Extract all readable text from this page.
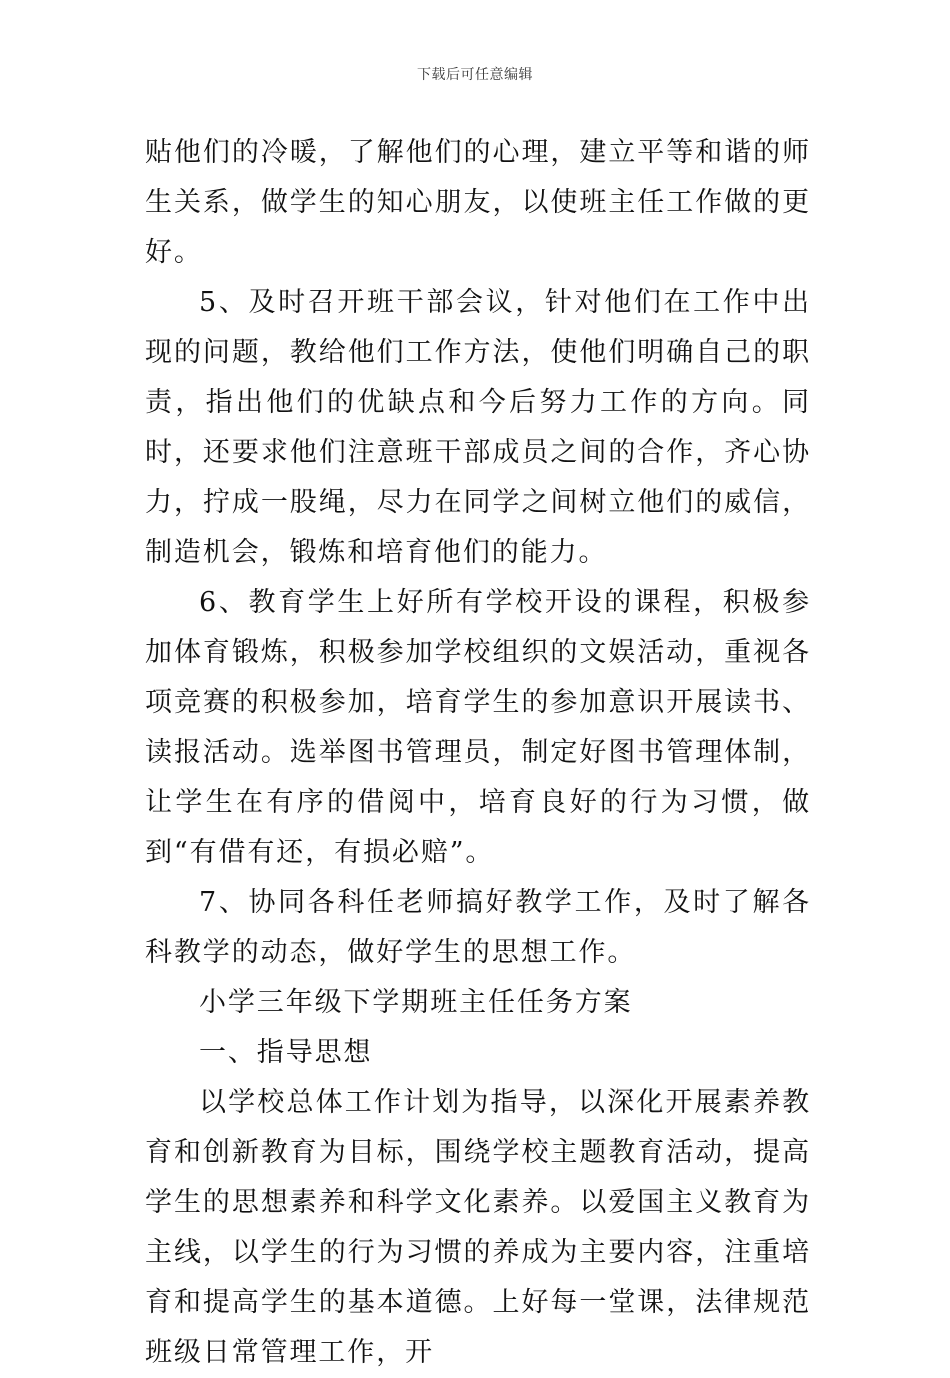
下载后可任意编辑

贴他们的冷暖，了解他们的心理，建立平等和谐的师生关系，做学生的知心朋友，以使班主任工作做的更好。

5、及时召开班干部会议，针对他们在工作中出现的问题，教给他们工作方法，使他们明确自己的职责，指出他们的优缺点和今后努力工作的方向。同时，还要求他们注意班干部成员之间的合作，齐心协力，拧成一股绳，尽力在同学之间树立他们的威信，制造机会，锻炼和培育他们的能力。

6、教育学生上好所有学校开设的课程，积极参加体育锻炼，积极参加学校组织的文娱活动，重视各项竞赛的积极参加，培育学生的参加意识开展读书、读报活动。选举图书管理员，制定好图书管理体制，让学生在有序的借阅中，培育良好的行为习惯，做到“有借有还，有损必赔”。

7、协同各科任老师搞好教学工作，及时了解各科教学的动态，做好学生的思想工作。

小学三年级下学期班主任任务方案

一、指导思想

以学校总体工作计划为指导，以深化开展素养教育和创新教育为目标，围绕学校主题教育活动，提高学生的思想素养和科学文化素养。以爱国主义教育为主线，以学生的行为习惯的养成为主要内容，注重培育和提高学生的基本道德。上好每一堂课，法律规范班级日常管理工作，开
